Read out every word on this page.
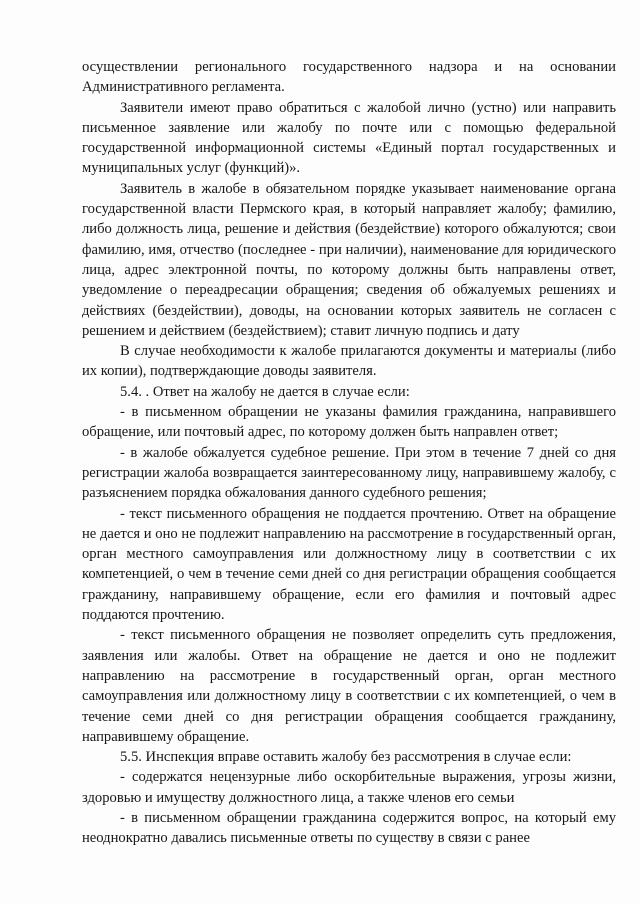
осуществлении регионального государственного надзора и на основании Административного регламента.

Заявители имеют право обратиться с жалобой лично (устно) или направить письменное заявление или жалобу по почте или с помощью федеральной государственной информационной системы «Единый портал государственных и муниципальных услуг (функций)».

Заявитель в жалобе в обязательном порядке указывает наименование органа государственной власти Пермского края, в который направляет жалобу; фамилию, либо должность лица, решение и действия (бездействие) которого обжалуются; свои фамилию, имя, отчество (последнее - при наличии), наименование для юридического лица, адрес электронной почты, по которому должны быть направлены ответ, уведомление о переадресации обращения; сведения об обжалуемых решениях и действиях (бездействии), доводы, на основании которых заявитель не согласен с решением и действием (бездействием); ставит личную подпись и дату

В случае необходимости к жалобе прилагаются документы и материалы (либо их копии), подтверждающие доводы заявителя.

5.4. . Ответ на жалобу не дается в случае если:

- в письменном обращении не указаны фамилия гражданина, направившего обращение, или почтовый адрес, по которому должен быть направлен ответ;

- в жалобе обжалуется судебное решение. При этом в течение 7 дней со дня регистрации жалоба возвращается заинтересованному лицу, направившему жалобу, с разъяснением порядка обжалования данного судебного решения;

- текст письменного обращения не поддается прочтению. Ответ на обращение не дается и оно не подлежит направлению на рассмотрение в государственный орган, орган местного самоуправления или должностному лицу в соответствии с их компетенцией, о чем в течение семи дней со дня регистрации обращения сообщается гражданину, направившему обращение, если его фамилия и почтовый адрес поддаются прочтению.

- текст письменного обращения не позволяет определить суть предложения, заявления или жалобы. Ответ на обращение не дается и оно не подлежит направлению на рассмотрение в государственный орган, орган местного самоуправления или должностному лицу в соответствии с их компетенцией, о чем в течение семи дней со дня регистрации обращения сообщается гражданину, направившему обращение.

5.5. Инспекция вправе оставить жалобу без рассмотрения в случае если:

- содержатся нецензурные либо оскорбительные выражения, угрозы жизни, здоровью и имуществу должностного лица, а также членов его семьи

- в письменном обращении гражданина содержится вопрос, на который ему неоднократно давались письменные ответы по существу в связи с ранее
